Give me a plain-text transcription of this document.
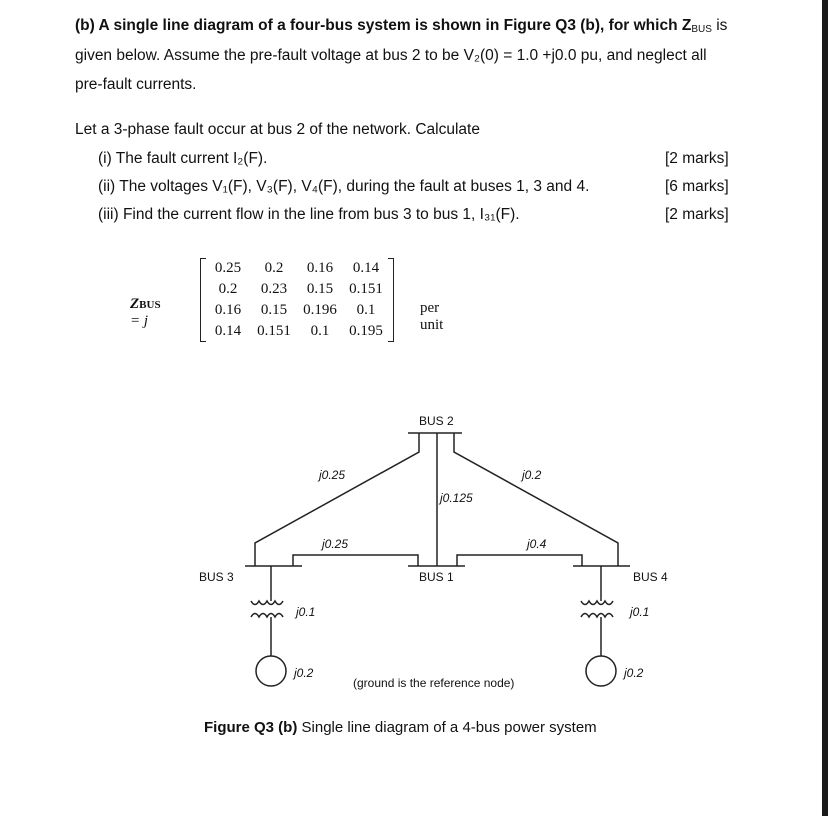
(b) A single line diagram of a four-bus system is shown in Figure Q3 (b), for which $Z_{BUS}$ is
given below. Assume the pre-fault voltage at bus 2 to be V₂(0) = 1.0 +j0.0 pu, and neglect all
pre-fault currents.
Let a 3-phase fault occur at bus 2 of the network. Calculate
(i) The fault current I₂(F).	[2 marks]
(ii) The voltages V₁(F), V₃(F), V₄(F), during the fault at buses 1, 3 and 4.	[6 marks]
(iii) Find the current flow in the line from bus 3 to bus 1, I₃₁(F).	[2 marks]
ZBUS = j
0.25	0.2	0.16	0.14
0.2	0.23	0.15	0.151
0.16	0.15	0.196	0.1
0.14	0.151	0.1	0.195
per unit
BUS 2
BUS 1
BUS 3	BUS 4
j0.25
j0.125
j0.2
j0.25	j0.4
j0.1	j0.1
j0.2	j0.2
(ground is the reference node)
Figure Q3 (b) Single line diagram of a 4-bus power system
